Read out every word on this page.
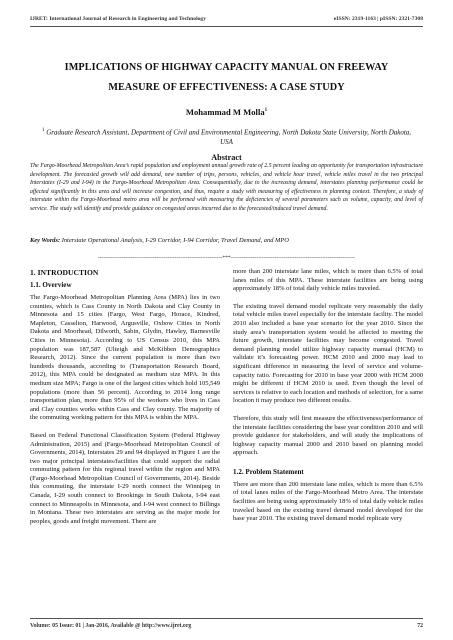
IJRET: International Journal of Research in Engineering and Technology	eISSN: 2319-1163 | pISSN: 2321-7308
IMPLICATIONS OF HIGHWAY CAPACITY MANUAL ON FREEWAY
MEASURE OF EFFECTIVENESS: A CASE STUDY
Mohammad M Molla$^1$
$^1$ Graduate Research Assistant, Department of Civil and Environmental Engineering, North Dakota State University, North Dakota, USA
Abstract
The Fargo-Moorhead Metropolitan Area’s rapid population and employment annual growth rate of 2.5 percent leading an opportunity for transportation infrastructure development. The forecasted growth will add demand, new number of trips, persons, vehicles, and vehicle hour travel, vehicle miles travel in the two principal Interstates (I-29 and I-94) in the Fargo-Moorhead Metropolitan Area. Consequentially, due to the increasing demand, interstates planning performance could be affected significantly in this area and will increase congestion, and thus, require a study with measuring of effectiveness in planning context. Therefore, a study of interstate within the Fargo-Moorhead metro area will be performed with measuring the deficiencies of several parameters such as volume, capacity, and level of service. The study will identify and provide guidance on congested areas incurred due to the forecasted/induced travel demand.
Key Words: Interstate Operational Analysis, I-29 Corridor, I-94 Corridor, Travel Demand, and MPO
--------------------------------------------------------------------***--------------------------------------------------------------------
1. INTRODUCTION
1.1. Overview

The Fargo-Moorhead Metropolitan Planning Area (MPA) lies in two counties, which is Cass County in North Dakota and Clay County in Minnesota and 15 cities (Fargo, West Fargo, Horace, Kindred, Mapleton, Casselton, Harwood, Argusville, Oxbow Cities in North Dakota and Moorhead, Dilworth, Sabin, Glydin, Hawley, Barnesville Cities in Minnesota). According to US Census 2010, this MPA population was 187,587 (Ulteigh and McKibben Demographics Research, 2012). Since the current population is more than two hundreds thousands, according to (Transportation Research Board, 2012), this MPA could be designated as medium size MPA. In this medium size MPA; Fargo is one of the largest cities which hold 105,549 populations (more than 56 percent). According to 2014 long range transportation plan, more than 95% of the workers who lives in Cass and Clay counties works within Cass and Clay county. The majority of the commuting working pattern for this MPA is within the MPA.

Based on Federal Functional Classification System (Federal Highway Administration, 2015) and (Fargo-Moorhead Metropolitan Council of Governments, 2014), Interstates 29 and 94 displayed in Figure 1 are the two major principal interstates/facilities that could support the radial commuting pattern for this regional travel within the region and MPA (Fargo-Moorhead Metropolitan Council of Governments, 2014). Beside this commuting, the interstate I-29 north connect the Winnipeg in Canada, I-29 south connect to Brookings in South Dakota, I-94 east connect to Minneapolis in Minnesota, and I-94 west connect to Billings in Montana. These two interstates are serving as the major mode for peoples, goods and freight movement. There are

more than 200 interstate lane miles, which is more than 6.5% of total lanes miles of this MPA. These interstate facilities are being using approximately 18% of total daily vehicle miles traveled.

The existing travel demand model replicate very reasonably the daily total vehicle miles travel especially for the interstate facility. The model 2010 also included a base year scenario for the year 2010. Since the study area’s transportation system would be affected to meeting the future growth, interstate facilities may become congested. Travel demand planning model utilize highway capacity manual (HCM) to validate it’s forecasting power. HCM 2010 and 2000 may lead to significant difference in measuring the level of service and volume-capacity ratio. Forecasting for 2010 in base year 2000 with HCM 2000 might be different if HCM 2010 is used. Even though the level of services is relative to each location and methods of selection, for a same location it may produce two different results.

Therefore, this study will first measure the effectiveness/performance of the interstate facilities considering the base year condition 2010 and will provide guidance for stakeholders, and will study the implications of highway capacity manual 2000 and 2010 based on planning model approach.

1.2. Problem Statement

There are more than 200 interstate lane miles, which is more than 6.5% of total lanes miles of the Fargo-Moorhead Metro Area. The interstate facilities are being using approximately 18% of total daily vehicle miles traveled based on the existing travel demand model developed for the base year 2010. The existing travel demand model replicate very

Volume: 05 Issue: 01 | Jan-2016, Available @ http://www.ijret.org	72
